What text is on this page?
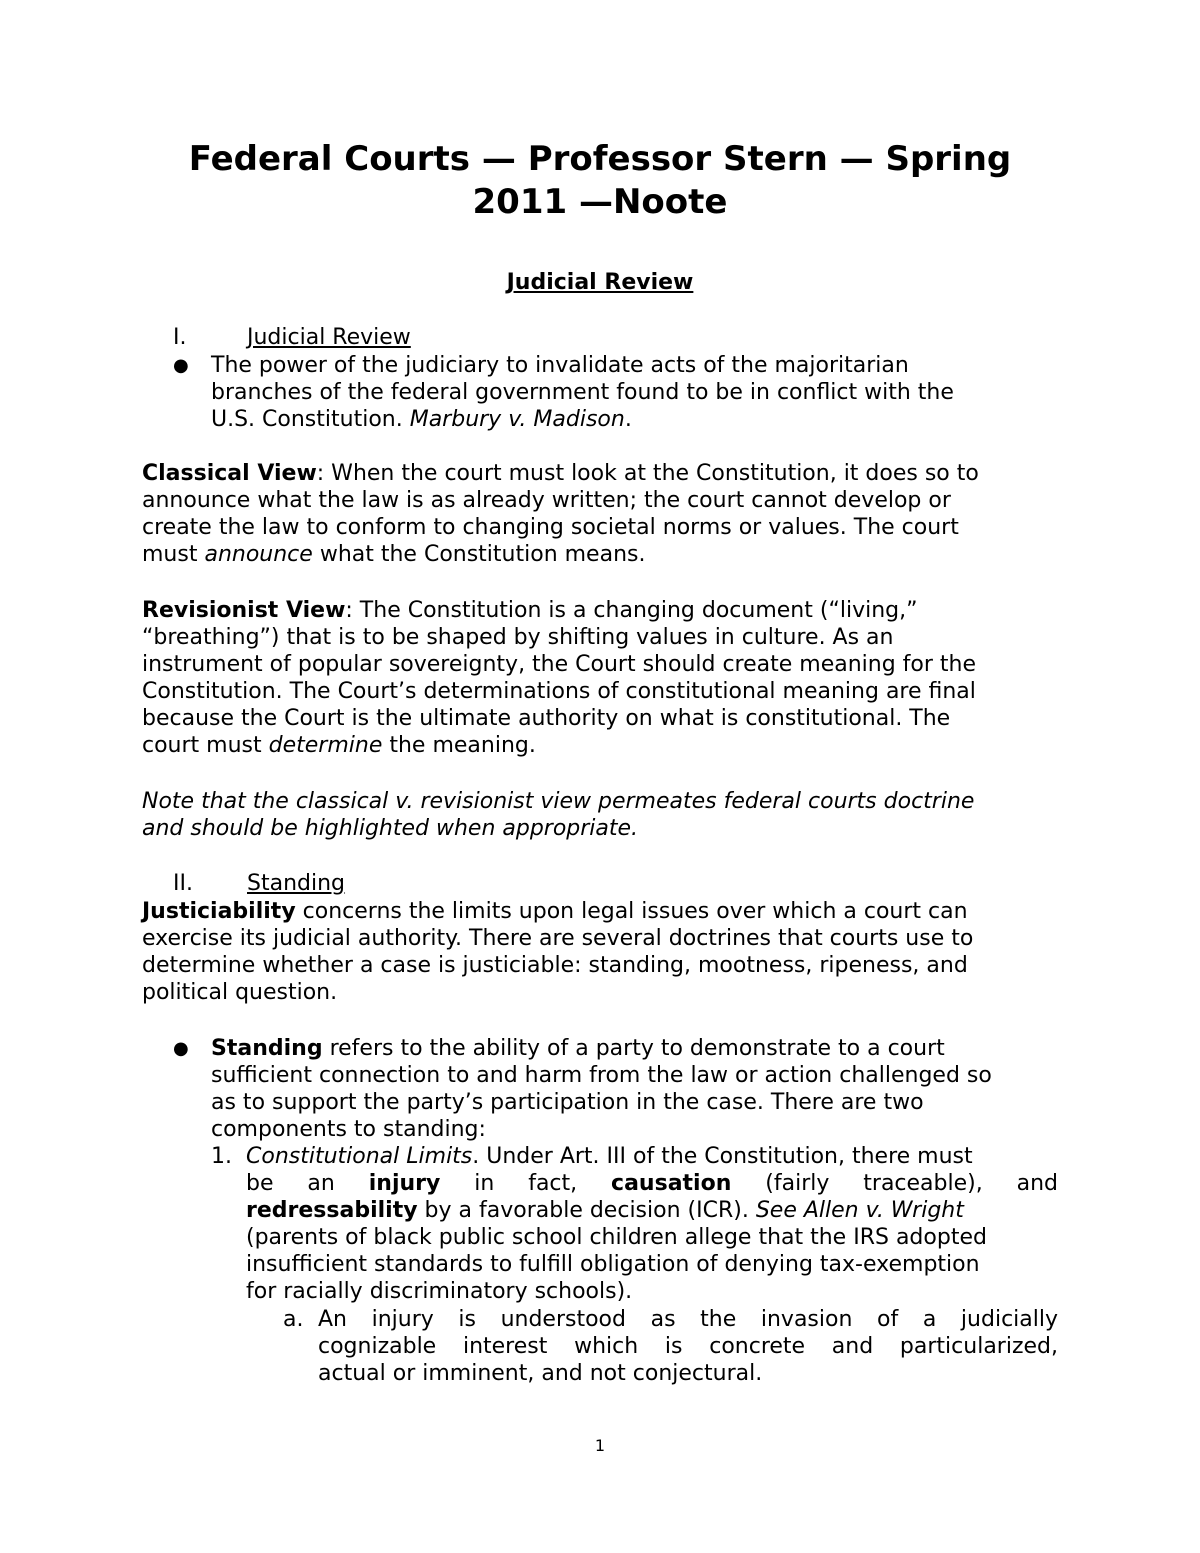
Federal Courts — Professor Stern — Spring
2011 —Noote
Judicial Review
I.	Judicial Review
● The power of the judiciary to invalidate acts of the majoritarian
branches of the federal government found to be in conflict with the
U.S. Constitution. Marbury v. Madison.
Classical View: When the court must look at the Constitution, it does so to
announce what the law is as already written; the court cannot develop or
create the law to conform to changing societal norms or values. The court
must announce what the Constitution means.
Revisionist View: The Constitution is a changing document (“living,”
“breathing”) that is to be shaped by shifting values in culture. As an
instrument of popular sovereignty, the Court should create meaning for the
Constitution. The Court’s determinations of constitutional meaning are final
because the Court is the ultimate authority on what is constitutional. The
court must determine the meaning.
Note that the classical v. revisionist view permeates federal courts doctrine
and should be highlighted when appropriate.
II. Standing
Justiciability concerns the limits upon legal issues over which a court can
exercise its judicial authority. There are several doctrines that courts use to
determine whether a case is justiciable: standing, mootness, ripeness, and
political question.
● Standing refers to the ability of a party to demonstrate to a court
sufficient connection to and harm from the law or action challenged so
as to support the party’s participation in the case. There are two
components to standing:
1. Constitutional Limits. Under Art. III of the Constitution, there must
be an injury in fact, causation (fairly traceable), and
redressability by a favorable decision (ICR). See Allen v. Wright
(parents of black public school children allege that the IRS adopted
insufficient standards to fulfill obligation of denying tax-exemption
for racially discriminatory schools).
a. An injury is understood as the invasion of a judicially
cognizable interest which is concrete and particularized,
actual or imminent, and not conjectural.
1
